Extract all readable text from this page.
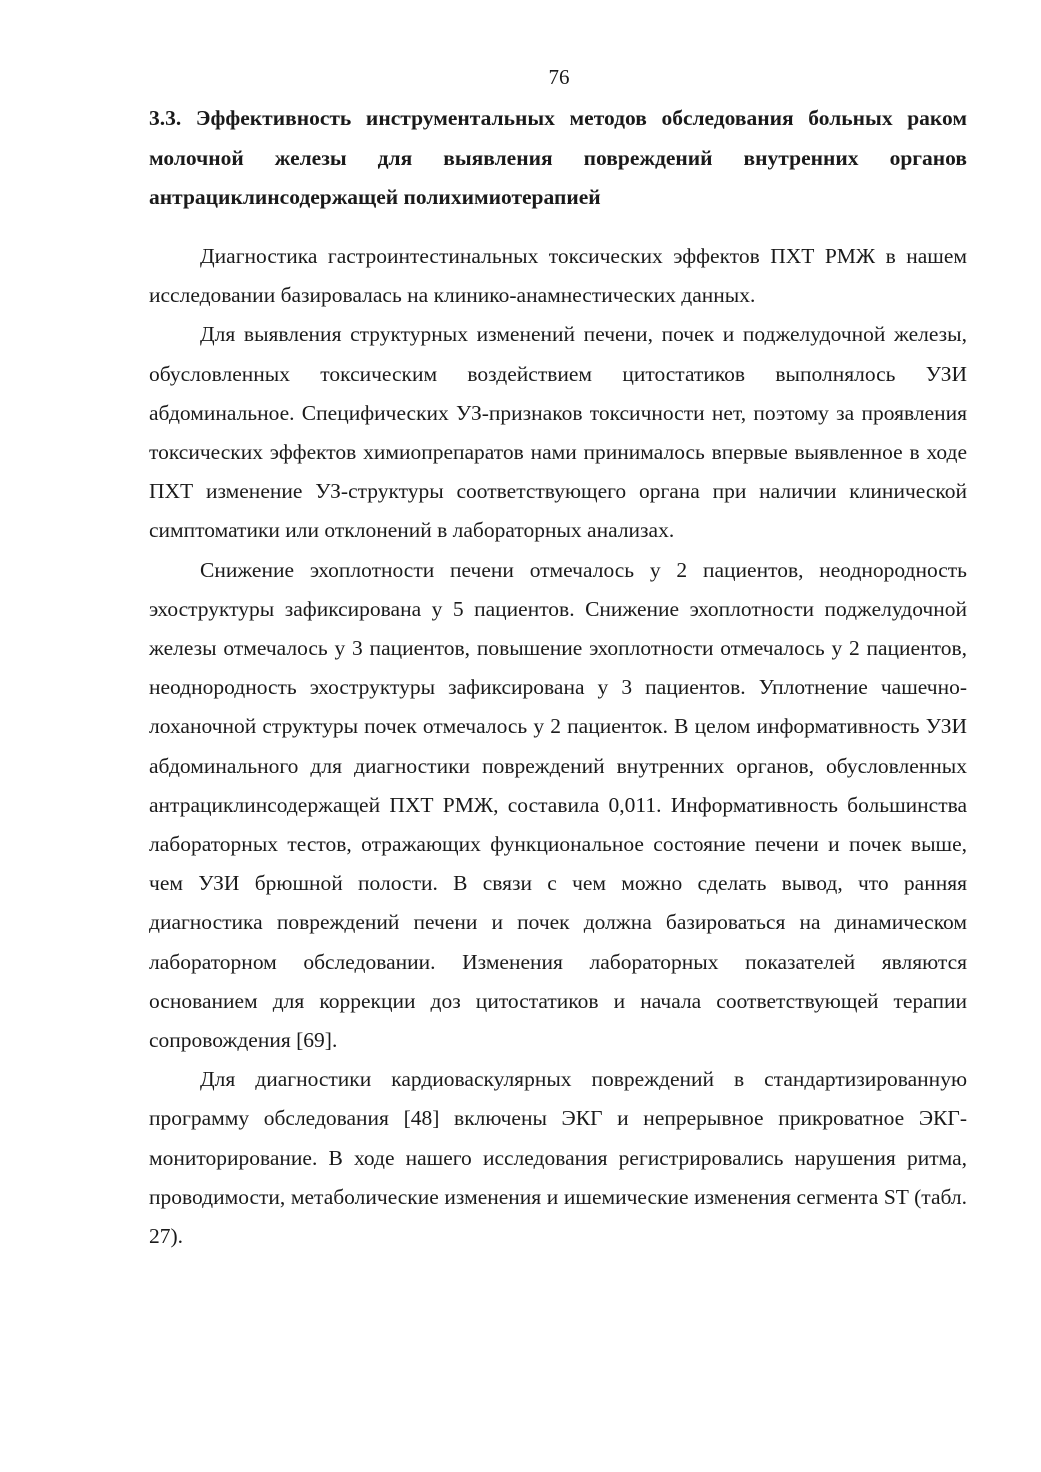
76
3.3. Эффективность инструментальных методов обследования больных раком молочной железы для выявления повреждений внутренних органов антрациклинсодержащей полихимиотерапией

Диагностика гастроинтестинальных токсических эффектов ПХТ РМЖ в нашем исследовании базировалась на клинико-анамнестических данных.

Для выявления структурных изменений печени, почек и поджелудочной железы, обусловленных токсическим воздействием цитостатиков выполнялось УЗИ абдоминальное. Специфических УЗ-признаков токсичности нет, поэтому за проявления токсических эффектов химиопрепаратов нами принималось впервые выявленное в ходе ПХТ изменение УЗ-структуры соответствующего органа при наличии клинической симптоматики или отклонений в лабораторных анализах.

Снижение эхоплотности печени отмечалось у 2 пациентов, неоднородность эхоструктуры зафиксирована у 5 пациентов. Снижение эхоплотности поджелудочной железы отмечалось у 3 пациентов, повышение эхоплотности отмечалось у 2 пациентов, неоднородность эхоструктуры зафиксирована у 3 пациентов. Уплотнение чашечно-лоханочной структуры почек отмечалось у 2 пациенток. В целом информативность УЗИ абдоминального для диагностики повреждений внутренних органов, обусловленных антрациклинсодержащей ПХТ РМЖ, составила 0,011. Информативность большинства лабораторных тестов, отражающих функциональное состояние печени и почек выше, чем УЗИ брюшной полости. В связи с чем можно сделать вывод, что ранняя диагностика повреждений печени и почек должна базироваться на динамическом лабораторном обследовании. Изменения лабораторных показателей являются основанием для коррекции доз цитостатиков и начала соответствующей терапии сопровождения [69].

Для диагностики кардиоваскулярных повреждений в стандартизированную программу обследования [48] включены ЭКГ и непрерывное прикроватное ЭКГ-мониторирование. В ходе нашего исследования регистрировались нарушения ритма, проводимости, метаболические изменения и ишемические изменения сегмента ST (табл. 27).
